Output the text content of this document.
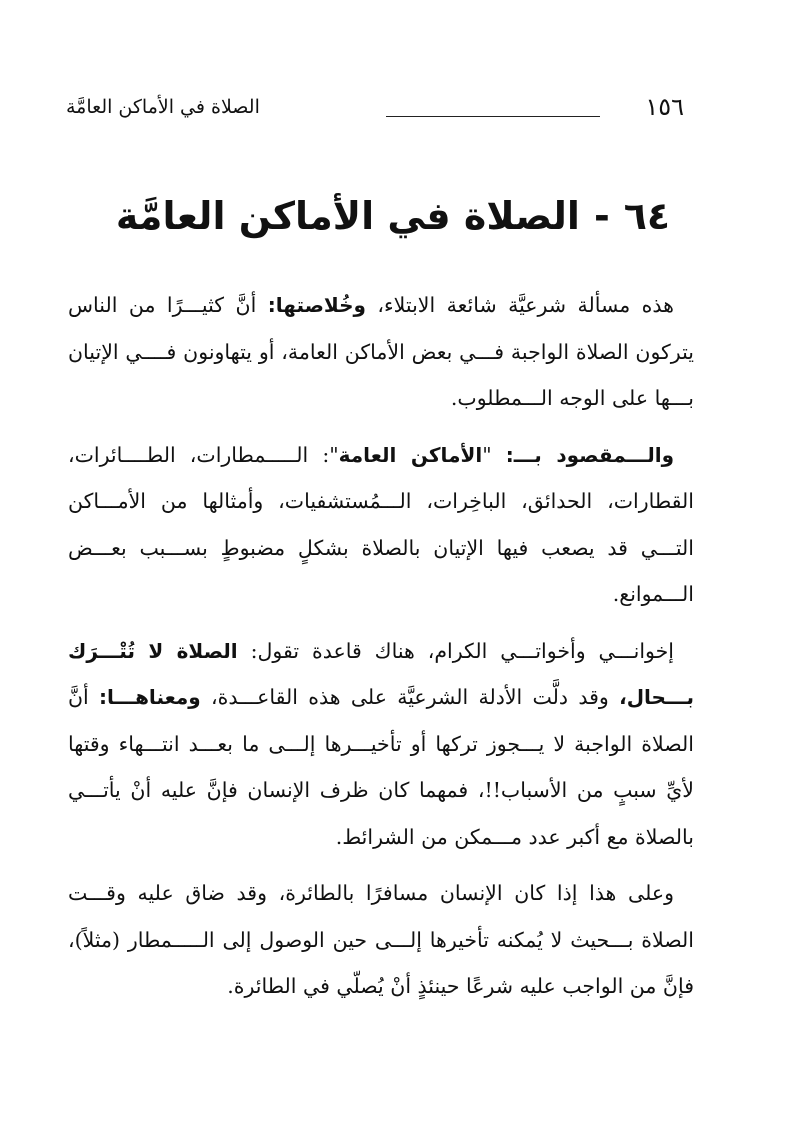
١٥٦
الصلاة في الأماكن العامَّة
٦٤-الصلاة في الأماكن العامَّة

هذه مسألة شرعيَّة شائعة الابتلاء، وخُلاصتها: أنَّ كثيـــرًا من الناس يتركون الصلاة الواجبة فـــي بعض الأماكن العامة، أو يتهاونون فــــي الإتيان بـــها على الوجه الـــمطلوب.

والـــمقصود بـــ: "الأماكن العامة": الـــــمطارات، الطــــائرات، القطارات، الحدائق، الباخِرات، الـــمُستشفيات، وأمثالها من الأمـــاكن التـــي قد يصعب فيها الإتيان بالصلاة بشكلٍ مضبوطٍ بســـبب بعـــض الـــموانع.

إخوانـــي وأخواتـــي الكرام، هناك قاعدة تقول: الصلاة لا تُتْـــرَك بـــحال، وقد دلَّت الأدلة الشرعيَّة على هذه القاعـــدة، ومعناهـــا: أنَّ الصلاة الواجبة لا يـــجوز تركها أو تأخيـــرها إلـــى ما بعـــد انتـــهاء وقتها لأيِّ سببٍ من الأسباب!!، فمهما كان ظرف الإنسان فإنَّ عليه أنْ يأتـــي بالصلاة مع أكبر عدد مـــمكن من الشرائط.

وعلى هذا إذا كان الإنسان مسافرًا بالطائرة، وقد ضاق عليه وقـــت الصلاة بـــحيث لا يُمكنه تأخيرها إلـــى حين الوصول إلى الـــــمطار (مثلاً)، فإنَّ من الواجب عليه شرعًا حينئذٍ أنْ يُصلّي في الطائرة.
